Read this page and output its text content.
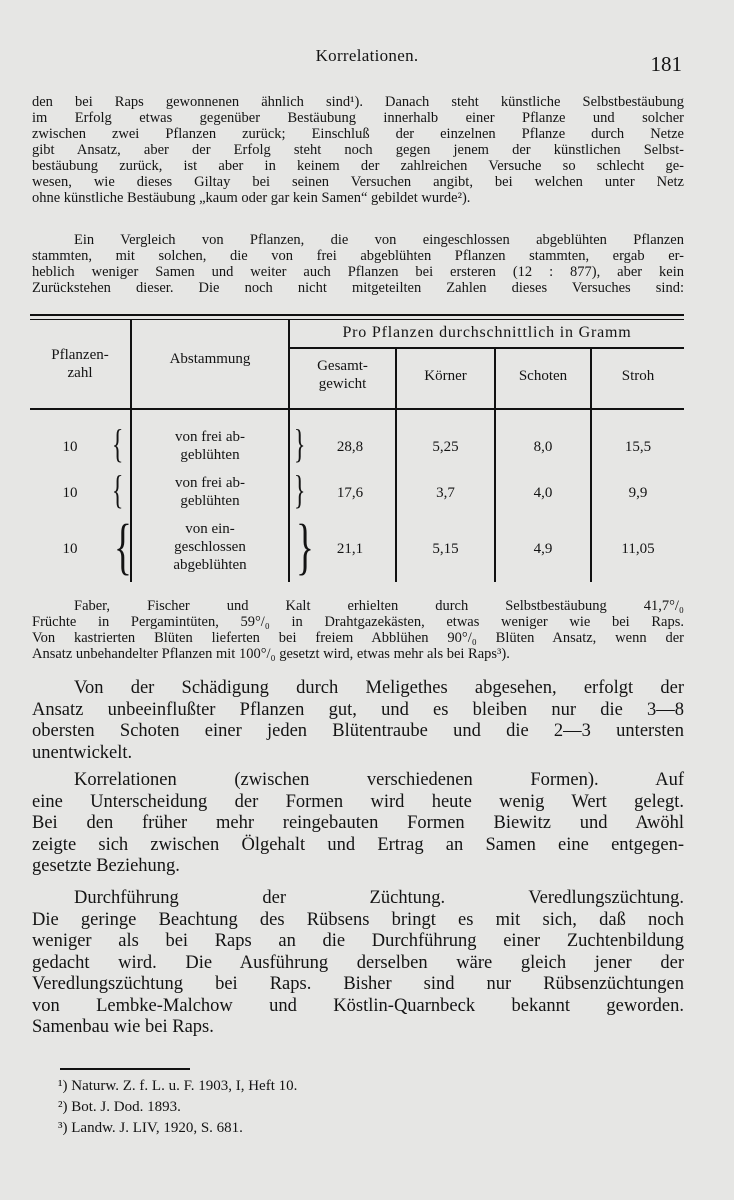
Korrelationen.	181
den bei Raps gewonnenen ähnlich sind¹). Danach steht künstliche Selbstbestäubung
im Erfolg etwas gegenüber Bestäubung innerhalb einer Pflanze und solcher
zwischen zwei Pflanzen zurück; Einschluß der einzelnen Pflanze durch Netze
gibt Ansatz, aber der Erfolg steht noch gegen jenem der künstlichen Selbst-
bestäubung zurück, ist aber in keinem der zahlreichen Versuche so schlecht ge-
wesen, wie dieses Giltay bei seinen Versuchen angibt, bei welchen unter Netz
ohne künstliche Bestäubung „kaum oder gar kein Samen“ gebildet wurde²).
Ein Vergleich von Pflanzen, die von eingeschlossen abgeblühten Pflanzen
stammten, mit solchen, die von frei abgeblühten Pflanzen stammten, ergab er-
heblich weniger Samen und weiter auch Pflanzen bei ersteren (12 : 877), aber kein
Zurückstehen dieser. Die noch nicht mitgeteilten Zahlen dieses Versuches sind:
Pflanzen-
zahl
Abstammung
Pro Pflanzen durchschnittlich in Gramm
Gesamt-
gewicht	Körner	Schoten	Stroh
10 {	von frei ab-
geblühten	}	28,8	5,25	8,0	15,5
10 {	von frei ab-
geblühten	}	17,6	3,7	4,0	9,9
10 {	von ein-
geschlossen
abgeblühten }	21,1	5,15	4,9	11,05
Faber, Fischer und Kalt erhielten durch Selbstbestäubung 41,7°/₀
Früchte in Pergamintüten, 59°/₀ in Drahtgazekästen, etwas weniger wie bei Raps.
Von kastrierten Blüten lieferten bei freiem Abblühen 90°/₀ Blüten Ansatz, wenn der
Ansatz unbehandelter Pflanzen mit 100°/₀ gesetzt wird, etwas mehr als bei Raps³).
Von der Schädigung durch Meligethes abgesehen, erfolgt der
Ansatz unbeeinflußter Pflanzen gut, und es bleiben nur die 3—8
obersten Schoten einer jeden Blütentraube und die 2—3 untersten
unentwickelt.
Korrelationen (zwischen verschiedenen Formen). Auf
eine Unterscheidung der Formen wird heute wenig Wert gelegt.
Bei den früher mehr reingebauten Formen Biewitz und Awöhl
zeigte sich zwischen Ölgehalt und Ertrag an Samen eine entgegen-
gesetzte Beziehung.
Durchführung der Züchtung. Veredlungszüchtung.
Die geringe Beachtung des Rübsens bringt es mit sich, daß noch
weniger als bei Raps an die Durchführung einer Zuchtenbildung
gedacht wird. Die Ausführung derselben wäre gleich jener der
Veredlungszüchtung bei Raps. Bisher sind nur Rübsenzüchtungen
von Lembke-Malchow und Köstlin-Quarnbeck bekannt geworden.
Samenbau wie bei Raps.
¹) Naturw. Z. f. L. u. F. 1903, I, Heft 10.
²) Bot. J. Dod. 1893.
³) Landw. J. LIV, 1920, S. 681.
